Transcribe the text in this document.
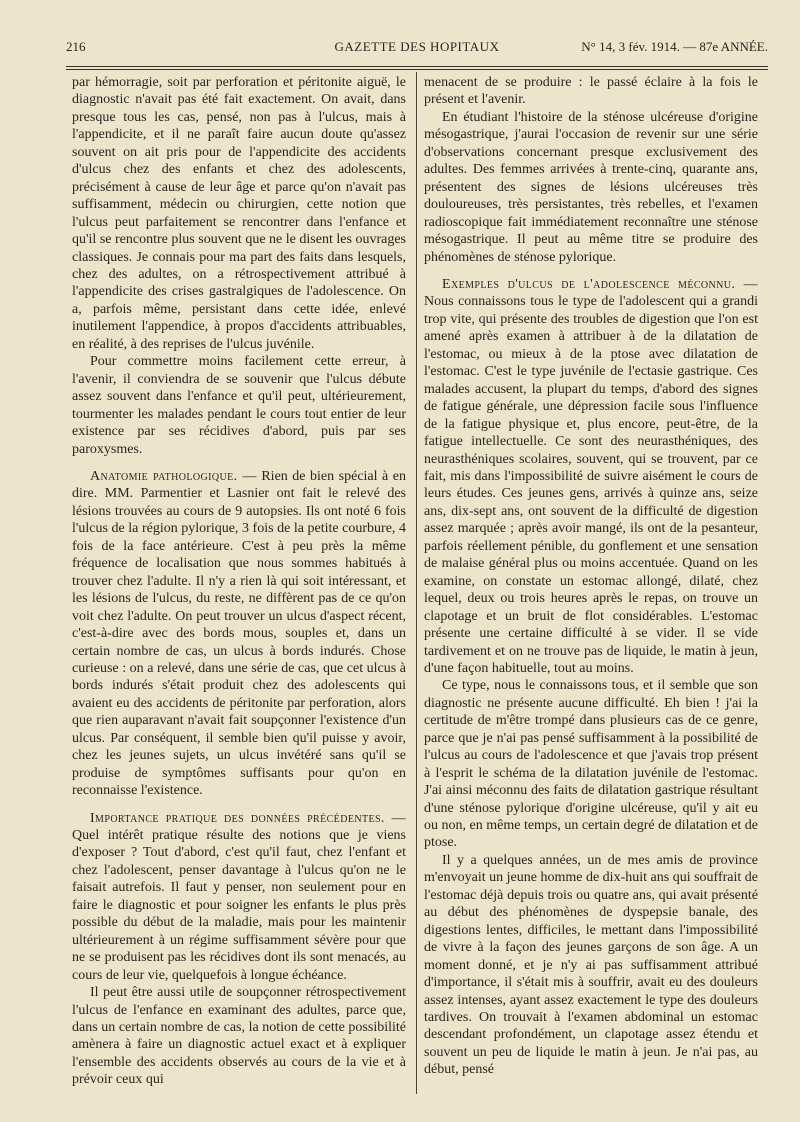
216	GAZETTE DES HOPITAUX	N° 14, 3 fév. 1914. — 87e ANNÉE.

par hémorragie, soit par perforation et péritonite aiguë, le diagnostic n'avait pas été fait exactement. On avait, dans presque tous les cas, pensé, non pas à l'ulcus, mais à l'appendicite, et il ne paraît faire aucun doute qu'assez souvent on ait pris pour de l'appendicite des accidents d'ulcus chez des enfants et chez des adolescents, précisément à cause de leur âge et parce qu'on n'avait pas suffisamment, médecin ou chirurgien, cette notion que l'ulcus peut parfaitement se rencontrer dans l'enfance et qu'il se rencontre plus souvent que ne le disent les ouvrages classiques. Je connais pour ma part des faits dans lesquels, chez des adultes, on a rétrospectivement attribué à l'appendicite des crises gastralgiques de l'adolescence. On a, parfois même, persistant dans cette idée, enlevé inutilement l'appendice, à propos d'accidents attribuables, en réalité, à des reprises de l'ulcus juvénile.

Pour commettre moins facilement cette erreur, à l'avenir, il conviendra de se souvenir que l'ulcus débute assez souvent dans l'enfance et qu'il peut, ultérieurement, tourmenter les malades pendant le cours tout entier de leur existence par ses récidives d'abord, puis par ses paroxysmes.

Anatomie pathologique. — Rien de bien spécial à en dire. MM. Parmentier et Lasnier ont fait le relevé des lésions trouvées au cours de 9 autopsies. Ils ont noté 6 fois l'ulcus de la région pylorique, 3 fois de la petite courbure, 4 fois de la face antérieure. C'est à peu près la même fréquence de localisation que nous sommes habitués à trouver chez l'adulte. Il n'y a rien là qui soit intéressant, et les lésions de l'ulcus, du reste, ne diffèrent pas de ce qu'on voit chez l'adulte. On peut trouver un ulcus d'aspect récent, c'est-à-dire avec des bords mous, souples et, dans un certain nombre de cas, un ulcus à bords indurés. Chose curieuse : on a relevé, dans une série de cas, que cet ulcus à bords indurés s'était produit chez des adolescents qui avaient eu des accidents de péritonite par perforation, alors que rien auparavant n'avait fait soupçonner l'existence d'un ulcus. Par conséquent, il semble bien qu'il puisse y avoir, chez les jeunes sujets, un ulcus invétéré sans qu'il se produise de symptômes suffisants pour qu'on en reconnaisse l'existence.

Importance pratique des données précédentes. — Quel intérêt pratique résulte des notions que je viens d'exposer ? Tout d'abord, c'est qu'il faut, chez l'enfant et chez l'adolescent, penser davantage à l'ulcus qu'on ne le faisait autrefois. Il faut y penser, non seulement pour en faire le diagnostic et pour soigner les enfants le plus près possible du début de la maladie, mais pour les maintenir ultérieurement à un régime suffisamment sévère pour que ne se produisent pas les récidives dont ils sont menacés, au cours de leur vie, quelquefois à longue échéance.

Il peut être aussi utile de soupçonner rétrospectivement l'ulcus de l'enfance en examinant des adultes, parce que, dans un certain nombre de cas, la notion de cette possibilité amènera à faire un diagnostic actuel exact et à expliquer l'ensemble des accidents observés au cours de la vie et à prévoir ceux qui

menacent de se produire : le passé éclaire à la fois le présent et l'avenir.

En étudiant l'histoire de la sténose ulcéreuse d'origine mésogastrique, j'aurai l'occasion de revenir sur une série d'observations concernant presque exclusivement des adultes. Des femmes arrivées à trente-cinq, quarante ans, présentent des signes de lésions ulcéreuses très douloureuses, très persistantes, très rebelles, et l'examen radioscopique fait immédiatement reconnaître une sténose mésogastrique. Il peut au même titre se produire des phénomènes de sténose pylorique.

Exemples d'ulcus de l'adolescence méconnu. — Nous connaissons tous le type de l'adolescent qui a grandi trop vite, qui présente des troubles de digestion que l'on est amené après examen à attribuer à de la dilatation de l'estomac, ou mieux à de la ptose avec dilatation de l'estomac. C'est le type juvénile de l'ectasie gastrique. Ces malades accusent, la plupart du temps, d'abord des signes de fatigue générale, une dépression facile sous l'influence de la fatigue physique et, plus encore, peut-être, de la fatigue intellectuelle. Ce sont des neurasthéniques, des neurasthéniques scolaires, souvent, qui se trouvent, par ce fait, mis dans l'impossibilité de suivre aisément le cours de leurs études. Ces jeunes gens, arrivés à quinze ans, seize ans, dix-sept ans, ont souvent de la difficulté de digestion assez marquée ; après avoir mangé, ils ont de la pesanteur, parfois réellement pénible, du gonflement et une sensation de malaise général plus ou moins accentuée. Quand on les examine, on constate un estomac allongé, dilaté, chez lequel, deux ou trois heures après le repas, on trouve un clapotage et un bruit de flot considérables. L'estomac présente une certaine difficulté à se vider. Il se vide tardivement et on ne trouve pas de liquide, le matin à jeun, d'une façon habituelle, tout au moins.

Ce type, nous le connaissons tous, et il semble que son diagnostic ne présente aucune difficulté. Eh bien ! j'ai la certitude de m'être trompé dans plusieurs cas de ce genre, parce que je n'ai pas pensé suffisamment à la possibilité de l'ulcus au cours de l'adolescence et que j'avais trop présent à l'esprit le schéma de la dilatation juvénile de l'estomac. J'ai ainsi méconnu des faits de dilatation gastrique résultant d'une sténose pylorique d'origine ulcéreuse, qu'il y ait eu ou non, en même temps, un certain degré de dilatation et de ptose.

Il y a quelques années, un de mes amis de province m'envoyait un jeune homme de dix-huit ans qui souffrait de l'estomac déjà depuis trois ou quatre ans, qui avait présenté au début des phénomènes de dyspepsie banale, des digestions lentes, difficiles, le mettant dans l'impossibilité de vivre à la façon des jeunes garçons de son âge. A un moment donné, et je n'y ai pas suffisamment attribué d'importance, il s'était mis à souffrir, avait eu des douleurs assez intenses, ayant assez exactement le type des douleurs tardives. On trouvait à l'examen abdominal un estomac descendant profondément, un clapotage assez étendu et souvent un peu de liquide le matin à jeun. Je n'ai pas, au début, pensé
